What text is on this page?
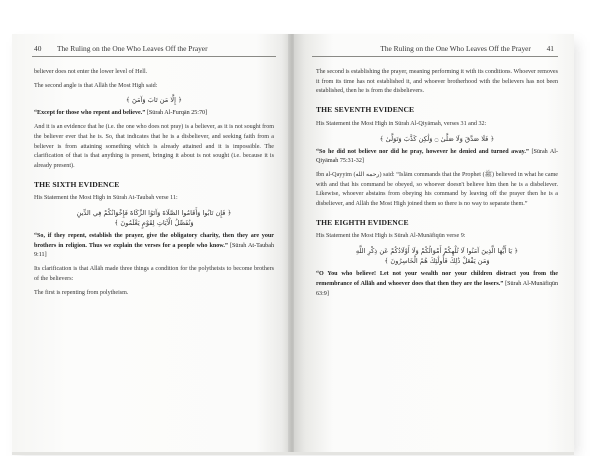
40 The Ruling on the One Who Leaves Off the Prayer

believer does not enter the lower level of Hell.

The second angle is that Allāh the Most High said:

﴿ إِلَّا مَن تَابَ وَآمَنَ ﴾

“Except for those who repent and believe.” [Sūrah Al-Furqān 25:70]

And it is an evidence that he (i.e. the one who does not pray) is a believer, as it is not sought from the believer ever that he is. So, that indicates that he is a disbeliever, and seeking faith from a believer is from attaining something which is already attained and it is impossible. The clarification of that is that anything is present, bringing it about is not sought (i.e. because it is already present).

THE SIXTH EVIDENCE

His Statement the Most High in Sūrah At-Taubah verse 11:

﴿ فَإِن تَابُوا وَأَقَامُوا الصَّلَاةَ وَآتَوُا الزَّكَاةَ فَإِخْوَانُكُمْ فِي الدِّينِ
وَنُفَصِّلُ الْآيَاتِ لِقَوْمٍ يَعْلَمُونَ ﴾

“So, if they repent, establish the prayer, give the obligatory charity, then they are your brothers in religion. Thus we explain the verses for a people who know.” [Sūrah At-Taubah 9:11]

Its clarification is that Allāh made three things a condition for the polytheists to become brothers of the believers:

The first is repenting from polytheism.

The Ruling on the One Who Leaves Off the Prayer 41

The second is establishing the prayer, meaning performing it with its conditions. Whoever removes it from its time has not established it, and whoever brotherhood with the believers has not been established, then he is from the disbelievers.

THE SEVENTH EVIDENCE

His Statement the Most High in Sūrah Al-Qiyāmah, verses 31 and 32:

﴿ فَلَا صَدَّقَ وَلَا صَلَّىٰ ۝ وَلَٰكِن كَذَّبَ وَتَوَلَّىٰ ﴾

“So he did not believe nor did he pray, however he denied and turned away.” [Sūrah Al-Qiyāmah 75:31-32]

Ibn al-Qayyim (رحمه الله) said: “Islām commands that the Prophet (ﷺ) believed in what he came with and that his command be obeyed, so whoever doesn't believe him then he is a disbeliever. Likewise, whoever abstains from obeying his command by leaving off the prayer then he is a disbeliever, and Allāh the Most High joined them so there is no way to separate them.”

THE EIGHTH EVIDENCE

His Statement the Most High is Sūrah Al-Munāfiqūn verse 9:

﴿ يَا أَيُّهَا الَّذِينَ آمَنُوا لَا تُلْهِكُمْ أَمْوَالُكُمْ وَلَا أَوْلَادُكُمْ عَن ذِكْرِ اللَّهِ
وَمَن يَفْعَلْ ذَٰلِكَ فَأُولَٰئِكَ هُمُ الْخَاسِرُونَ ﴾

“O You who believe! Let not your wealth nor your children distract you from the remembrance of Allāh and whoever does that then they are the losers.” [Sūrah Al-Munāfiqūn 63:9]
